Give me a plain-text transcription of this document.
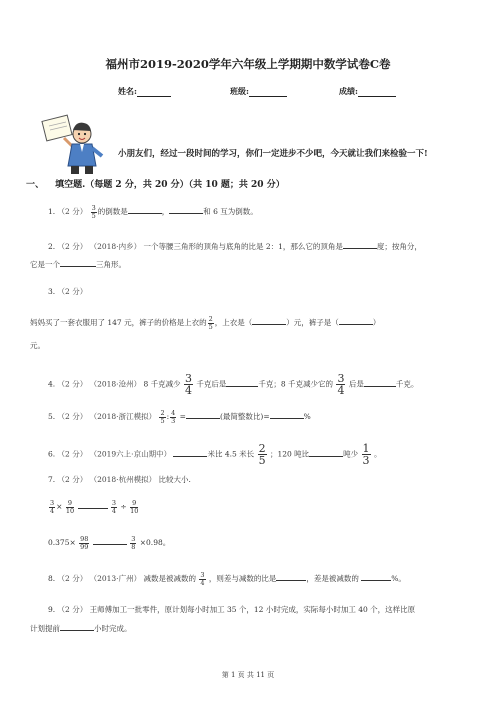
福州市2019-2020学年六年级上学期期中数学试卷C卷
姓名:	班级:	成绩:
小朋友们，经过一段时间的学习，你们一定进步不少吧，今天就让我们来检验一下!
一、 填空题.（每题 2 分，共 20 分）（共 10 题；共 20 分）
1. （2 分） $\frac{3}{5}$ 的倒数是	，	和 6 互为倒数。
2. （2 分） （2018·内乡） 一个等腰三角形的顶角与底角的比是 2：1，那么它的顶角是	度；按角分，
它是一个	三角形。
3. （2 分）
妈妈买了一套衣服用了 147 元，裤子的价格是上衣的 $\frac{2}{5}$ ，上衣是（	）元，裤子是（	）
元。
4. （2 分） （2018·沧州） 8 千克减少 $\frac{3}{4}$ 千克后是	千克；8 千克减少它的 $\frac{3}{4}$ 后是	千克。
5. （2 分） （2018·浙江模拟） $\frac{2}{5}$ : $\frac{4}{3}$ =	(最简整数比)=	%
6. （2 分） （2019六上·京山期中）	米比 4.5 米长 $\frac{2}{5}$ ；120 吨比	吨少 $\frac{1}{3}$ 。
7. （2 分） （2018·杭州模拟） 比较大小.
$\frac{3}{4} \times \frac{9}{10}$
	$\frac{3}{4} \div \frac{9}{10}$
$0.375\times \frac{98}{99}$
	$\frac{3}{8} \times 0.98$。
8. （2 分） （2013·广州） 减数是被减数的 $\frac{3}{4}$ ，则差与减数的比是	，差是被减数的	%。
9. （2 分） 王师傅加工一批零件，原计划每小时加工 35 个，12 小时完成，实际每小时加工 40 个，这样比原
计划提前	小时完成。
第 1 页 共 11 页
